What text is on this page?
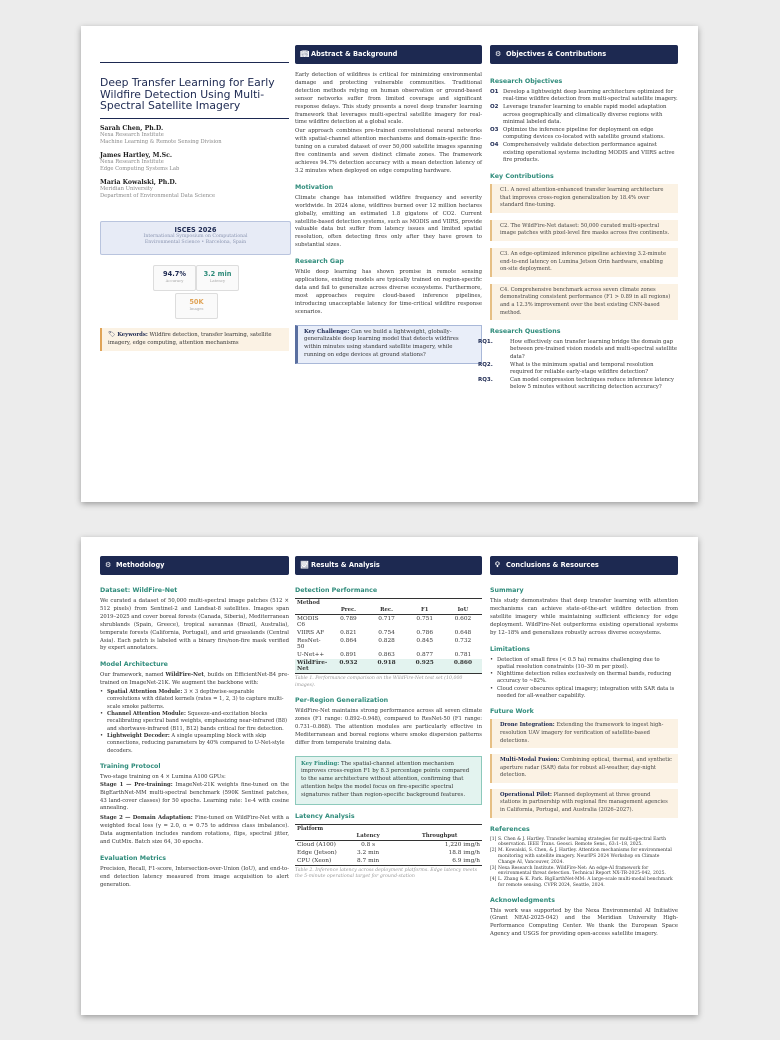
Deep Transfer Learning for Early Wildfire Detection Using Multi-Spectral Satellite Imagery
Sarah Chen, Ph.D.
Nexa Research Institute
Machine Learning & Remote Sensing Division
James Hartley, M.Sc.
Nexa Research Institute
Edge Computing Systems Lab
Maria Kowalski, Ph.D.
Meridian University
Department of Environmental Data Science
ISCES 2026
International Symposium on Computational
Environmental Science • Barcelona, Spain
94.7%
Accuracy
3.2 min
Latency
50K
Images
🏷︎ Keywords: Wildfire detection, transfer learning, satellite imagery, edge computing, attention mechanisms
📖︎ Abstract & Background
Early detection of wildfires is critical for minimizing environmental damage and protecting vulnerable communities. Traditional detection methods relying on human observation or ground-based sensor networks suffer from limited coverage and significant response delays. This study presents a novel deep transfer learning framework that leverages multi-spectral satellite imagery for real-time wildfire detection at a global scale.
Our approach combines pre-trained convolutional neural networks with spatial-channel attention mechanisms and domain-specific fine-tuning on a curated dataset of over 50,000 satellite images spanning five continents and seven distinct climate zones. The framework achieves 94.7% detection accuracy with a mean detection latency of 3.2 minutes when deployed on edge computing hardware.
Motivation
Climate change has intensified wildfire frequency and severity worldwide. In 2024 alone, wildfires burned over 12 million hectares globally, emitting an estimated 1.8 gigatons of CO2. Current satellite-based detection systems, such as MODIS and VIIRS, provide valuable data but suffer from latency issues and limited spatial resolution, often detecting fires only after they have grown to substantial sizes.
Research Gap
While deep learning has shown promise in remote sensing applications, existing models are typically trained on region-specific data and fail to generalize across diverse ecosystems. Furthermore, most approaches require cloud-based inference pipelines, introducing unacceptable latency for time-critical wildfire response scenarios.
Key Challenge: Can we build a lightweight, globally-generalizable deep learning model that detects wildfires within minutes using standard satellite imagery, while running on edge devices at ground stations?
⚙ Objectives & Contributions
Research Objectives
O1 Develop a lightweight deep learning architecture optimized for real-time wildfire detection from multi-spectral satellite imagery.
O2 Leverage transfer learning to enable rapid model adaptation across geographically and climatically diverse regions with minimal labeled data.
O3 Optimize the inference pipeline for deployment on edge computing devices co-located with satellite ground stations.
O4 Comprehensively validate detection performance against existing operational systems including MODIS and VIIRS active fire products.
Key Contributions
C1. A novel attention-enhanced transfer learning architecture that improves cross-region generalization by 18.4% over standard fine-tuning.
C2. The WildFire-Net dataset: 50,000 curated multi-spectral image patches with pixel-level fire masks across five continents.
C3. An edge-optimized inference pipeline achieving 3.2-minute end-to-end latency on Lumina Jetson Orin hardware, enabling on-site deployment.
C4. Comprehensive benchmark across seven climate zones demonstrating consistent performance (F1 > 0.89 in all regions) and a 12.3% improvement over the best existing CNN-based method.
Research Questions
RQ1.	How effectively can transfer learning bridge the domain gap between pre-trained vision models and multi-spectral satellite data?
RQ2.	What is the minimum spatial and temporal resolution required for reliable early-stage wildfire detection?
RQ3.	Can model compression techniques reduce inference latency below 5 minutes without sacrificing detection accuracy?
⚙ Methodology
Dataset: WildFire-Net
We curated a dataset of 50,000 multi-spectral image patches (512 × 512 pixels) from Sentinel-2 and Landsat-8 satellites. Images span 2019–2025 and cover boreal forests (Canada, Siberia), Mediterranean shrublands (Spain, Greece), tropical savannas (Brazil, Australia), temperate forests (California, Portugal), and arid grasslands (Central Asia). Each patch is labeled with a binary fire/non-fire mask verified by expert annotators.
Model Architecture
Our framework, named WildFire-Net, builds on EfficientNet-B4 pre-trained on ImageNet-21K. We augment the backbone with:
• Spatial Attention Module: 3 × 3 depthwise-separable convolutions with dilated kernels (rates = 1, 2, 3) to capture multi-scale smoke patterns.
• Channel Attention Module: Squeeze-and-excitation blocks recalibrating spectral band weights, emphasizing near-infrared (B8) and shortwave-infrared (B11, B12) bands critical for fire detection.
• Lightweight Decoder: A single upsampling block with skip connections, reducing parameters by 40% compared to U-Net-style decoders.
Training Protocol
Two-stage training on 4 × Lumina A100 GPUs:
Stage 1 — Pre-training: ImageNet-21K weights fine-tuned on the BigEarthNet-MM multi-spectral benchmark (590K Sentinel patches, 43 land-cover classes) for 50 epochs. Learning rate: 1e-4 with cosine annealing.
Stage 2 — Domain Adaptation: Fine-tuned on WildFire-Net with a weighted focal loss (γ = 2.0, α = 0.75 to address class imbalance). Data augmentation includes random rotations, flips, spectral jitter, and CutMix. Batch size 64, 30 epochs.
Evaluation Metrics
Precision, Recall, F1-score, Intersection-over-Union (IoU), and end-to-end detection latency measured from image acquisition to alert generation.
📈︎ Results & Analysis
Detection Performance
Method	Prec.	Rec.	F1	IoU
MODIS C6	0.789	0.717	0.751	0.602
VIIRS AF	0.821	0.754	0.786	0.648
ResNet-50	0.864	0.828	0.845	0.732
U-Net++	0.891	0.863	0.877	0.781
WildFire-Net	0.932	0.918	0.925	0.860
Table 1. Performance comparison on the WildFire-Net test set (10,000 images).
Per-Region Generalization
WildFire-Net maintains strong performance across all seven climate zones (F1 range: 0.892–0.948), compared to ResNet-50 (F1 range: 0.731–0.868). The attention modules are particularly effective in Mediterranean and boreal regions where smoke dispersion patterns differ from temperate training data.
Key Finding: The spatial-channel attention mechanism improves cross-region F1 by 8.3 percentage points compared to the same architecture without attention, confirming that attention helps the model focus on fire-specific spectral signatures rather than region-specific background features.
Latency Analysis
Platform	Latency	Throughput
Cloud (A100)	0.8 s	1,220 img/h
Edge (Jetson)	3.2 min	18.8 img/h
CPU (Xeon)	8.7 min	6.9 img/h
Table 2. Inference latency across deployment platforms. Edge latency meets the 5-minute operational target for ground-station
💡︎ Conclusions & Resources
Summary
This study demonstrates that deep transfer learning with attention mechanisms can achieve state-of-the-art wildfire detection from satellite imagery while maintaining sufficient efficiency for edge deployment. WildFire-Net outperforms existing operational systems by 12–18% and generalizes robustly across diverse ecosystems.
Limitations
• Detection of small fires (< 0.5 ha) remains challenging due to spatial resolution constraints (10–30 m per pixel).
• Nighttime detection relies exclusively on thermal bands, reducing accuracy to ~82%.
• Cloud cover obscures optical imagery; integration with SAR data is needed for all-weather capability.
Future Work
Drone Integration: Extending the framework to ingest high-resolution UAV imagery for verification of satellite-based detections.
Multi-Modal Fusion: Combining optical, thermal, and synthetic aperture radar (SAR) data for robust all-weather, day-night detection.
Operational Pilot: Planned deployment at three ground stations in partnership with regional fire management agencies in California, Portugal, and Australia (2026–2027).
References
[1] S. Chen & J. Hartley. Transfer learning strategies for multi-spectral Earth observation. IEEE Trans. Geosci. Remote Sens., 63:1–18, 2025.
[2] M. Kowalski, S. Chen, & J. Hartley. Attention mechanisms for environmental monitoring with satellite imagery. NeurIPS 2024 Workshop on Climate Change AI, Vancouver, 2024.
[3] Nexa Research Institute. WildFire-Net: An edge-AI framework for environmental threat detection. Technical Report NX-TR-2025-042, 2025.
[4] L. Zhang & K. Park. BigEarthNet-MM: A large-scale multi-modal benchmark for remote sensing. CVPR 2024, Seattle, 2024.
Acknowledgments
This work was supported by the Nexa Environmental AI Initiative (Grant NEAI-2025-042) and the Meridian University High-Performance Computing Center. We thank the European Space Agency and USGS for providing open-access satellite imagery.
